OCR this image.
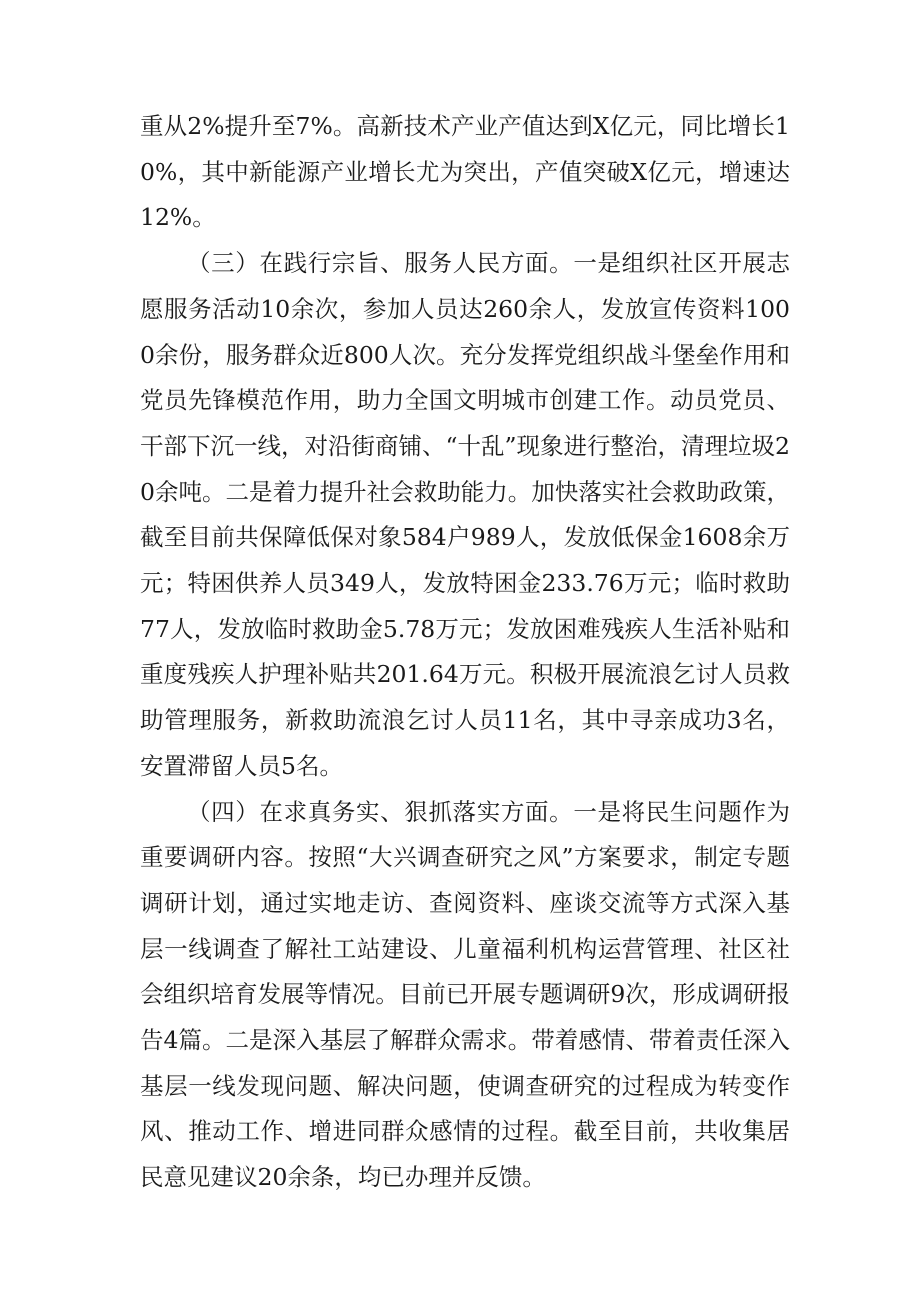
重从2%提升至7%。高新技术产业产值达到X亿元，同比增长10%，其中新能源产业增长尤为突出，产值突破X亿元，增速达12%。

（三）在践行宗旨、服务人民方面。一是组织社区开展志愿服务活动10余次，参加人员达260余人，发放宣传资料1000余份，服务群众近800人次。充分发挥党组织战斗堡垒作用和党员先锋模范作用，助力全国文明城市创建工作。动员党员、干部下沉一线，对沿街商铺、“十乱”现象进行整治，清理垃圾20余吨。二是着力提升社会救助能力。加快落实社会救助政策，截至目前共保障低保对象584户989人，发放低保金1608余万元；特困供养人员349人，发放特困金233.76万元；临时救助77人，发放临时救助金5.78万元；发放困难残疾人生活补贴和重度残疾人护理补贴共201.64万元。积极开展流浪乞讨人员救助管理服务，新救助流浪乞讨人员11名，其中寻亲成功3名，安置滞留人员5名。

（四）在求真务实、狠抓落实方面。一是将民生问题作为重要调研内容。按照“大兴调查研究之风”方案要求，制定专题调研计划，通过实地走访、查阅资料、座谈交流等方式深入基层一线调查了解社工站建设、儿童福利机构运营管理、社区社会组织培育发展等情况。目前已开展专题调研9次，形成调研报告4篇。二是深入基层了解群众需求。带着感情、带着责任深入基层一线发现问题、解决问题，使调查研究的过程成为转变作风、推动工作、增进同群众感情的过程。截至目前，共收集居民意见建议20余条，均已办理并反馈。
